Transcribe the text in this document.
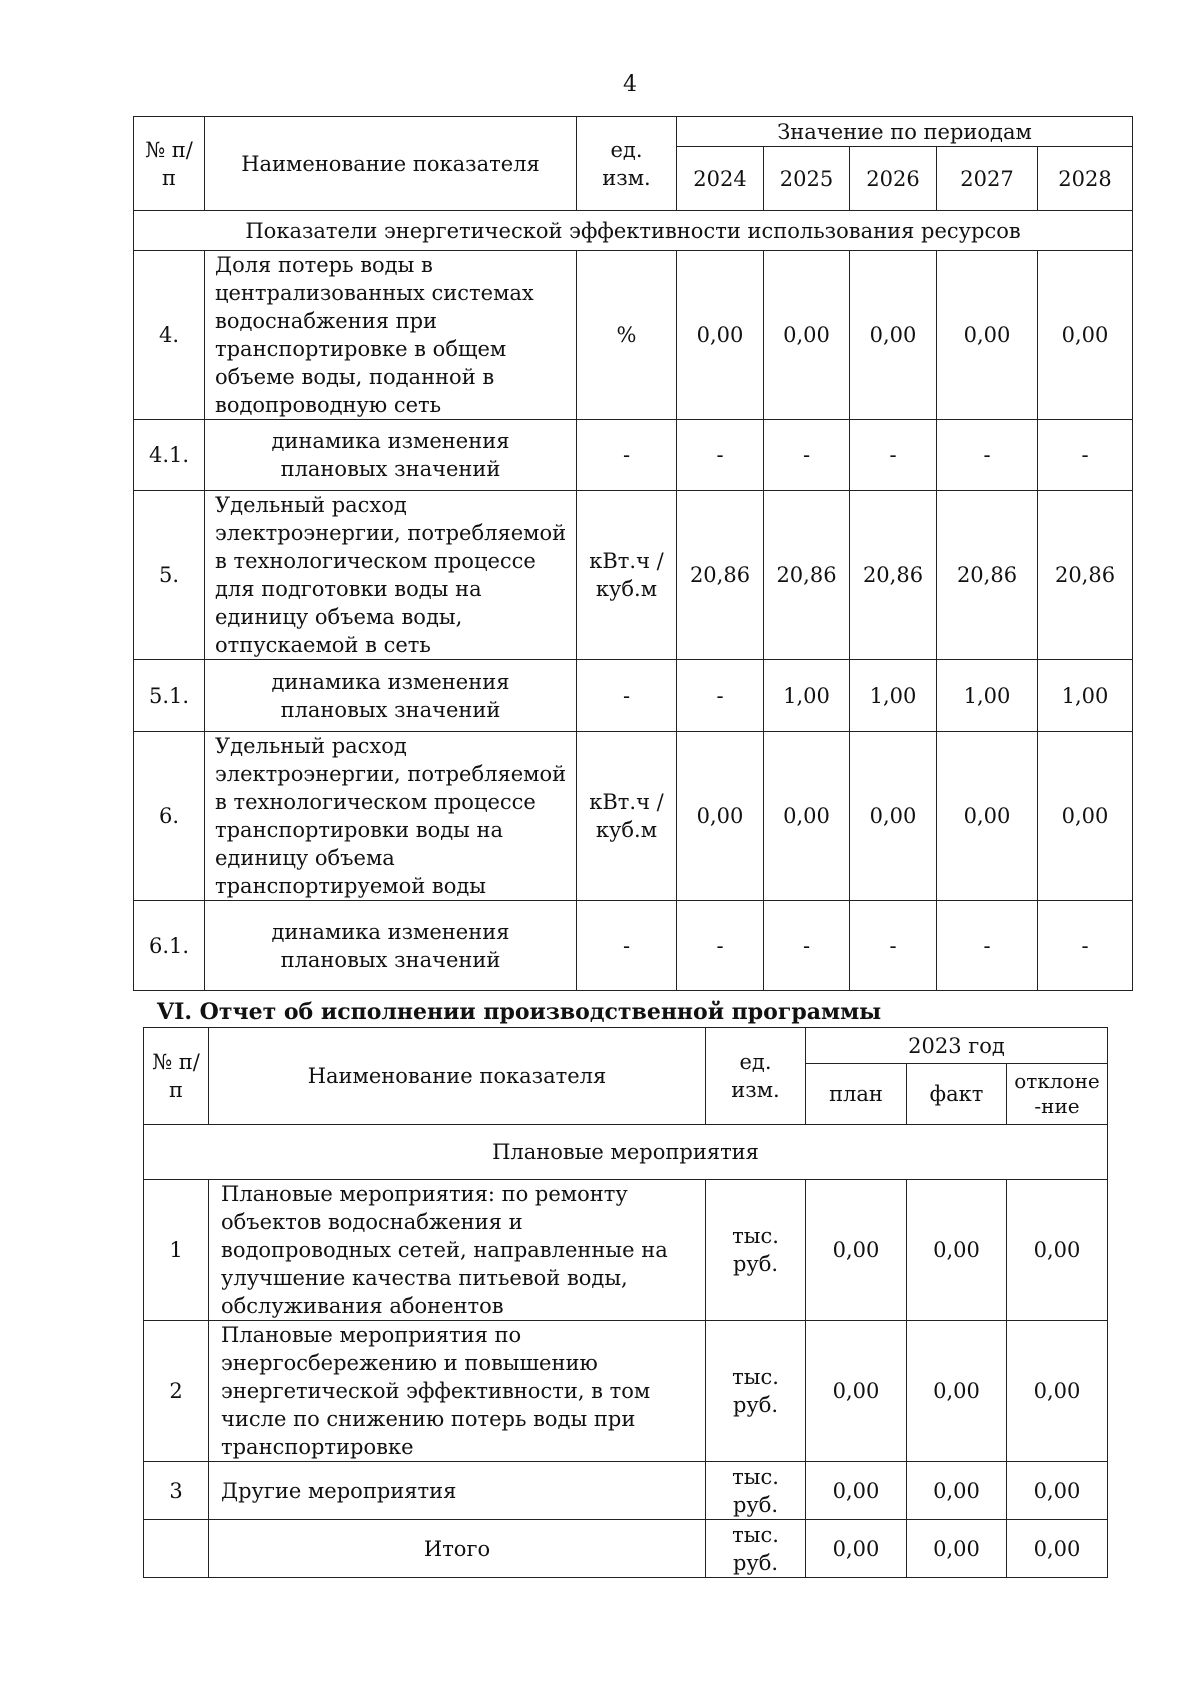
4
№ п/п	Наименование показателя	ед. изм.	Значение по периодам				
			2024	2025	2026	2027	2028
Показатели энергетической эффективности использования ресурсов							
4.	Доля потерь воды в централизованных системах водоснабжения при транспортировке в общем объеме воды, поданной в водопроводную сеть	%	0,00	0,00	0,00	0,00	0,00
4.1.	динамика изменения плановых значений	-	-	-	-	-	-
5.	Удельный расход электроэнергии, потребляемой в технологическом процессе для подготовки воды на единицу объема воды, отпускаемой в сеть	кВт.ч / куб.м	20,86	20,86	20,86	20,86	20,86
5.1.	динамика изменения плановых значений	-	-	1,00	1,00	1,00	1,00
6.	Удельный расход электроэнергии, потребляемой в технологическом процессе транспортировки воды на единицу объема транспортируемой воды	кВт.ч / куб.м	0,00	0,00	0,00	0,00	0,00
6.1.	динамика изменения плановых значений	-	-	-	-	-	-
VI. Отчет об исполнении производственной программы
№ п/п	Наименование показателя	ед. изм.	2023 год		
			план	факт	отклоне -ние
Плановые мероприятия					
1	Плановые мероприятия: по ремонту объектов водоснабжения и водопроводных сетей, направленные на улучшение качества питьевой воды, обслуживания абонентов	тыс. руб.	0,00	0,00	0,00
2	Плановые мероприятия по энергосбережению и повышению энергетической эффективности, в том числе по снижению потерь воды при транспортировке	тыс. руб.	0,00	0,00	0,00
3	Другие мероприятия	тыс. руб.	0,00	0,00	0,00
	Итого	тыс. руб.	0,00	0,00	0,00
